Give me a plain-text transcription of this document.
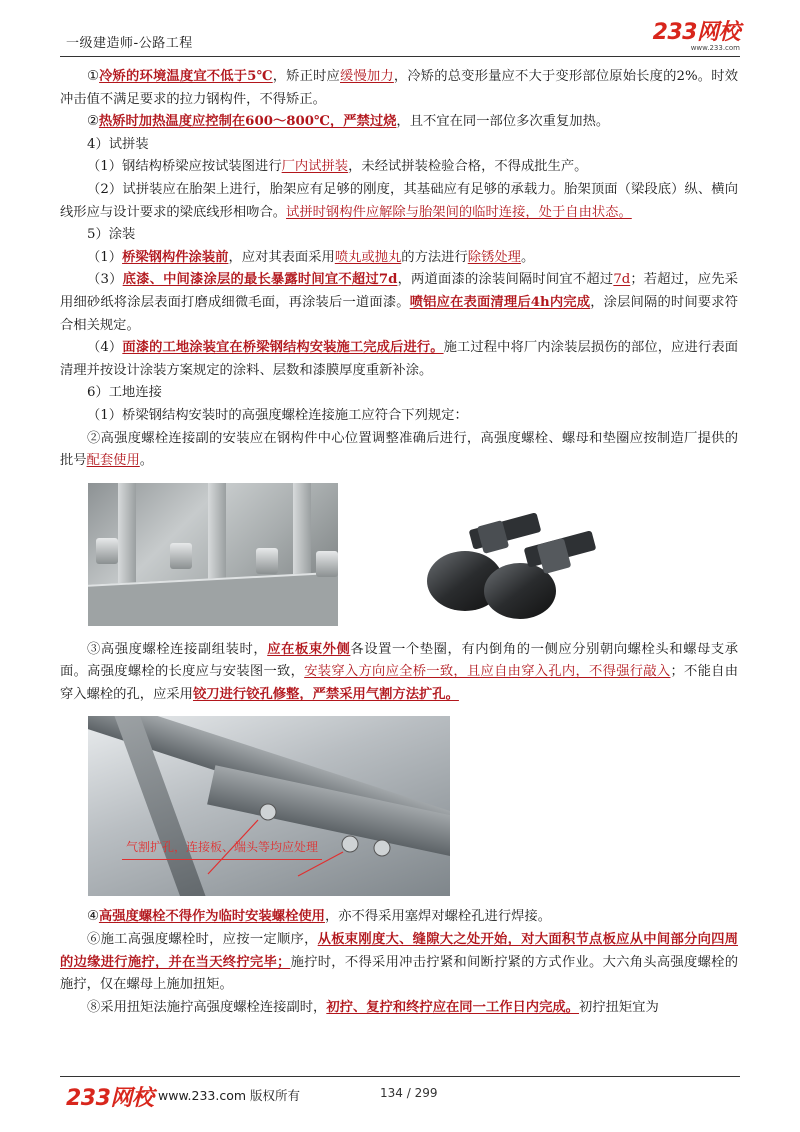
一级建造师-公路工程	233网校
www.233.com

①冷矫的环境温度宜不低于5℃，矫正时应缓慢加力，冷矫的总变形量应不大于变形部位原始长度的2%。时效冲击值不满足要求的拉力钢构件，不得矫正。

②热矫时加热温度应控制在600～800℃，严禁过烧，且不宜在同一部位多次重复加热。

4）试拼装

（1）钢结构桥梁应按试装图进行厂内试拼装，未经试拼装检验合格，不得成批生产。

（2）试拼装应在胎架上进行，胎架应有足够的刚度，其基础应有足够的承载力。胎架顶面（梁段底）纵、横向线形应与设计要求的梁底线形相吻合。试拼时钢构件应解除与胎架间的临时连接，处于自由状态。

5）涂装

（1）桥梁钢构件涂装前，应对其表面采用喷丸或抛丸的方法进行除锈处理。

（3）底漆、中间漆涂层的最长暴露时间宜不超过7d，两道面漆的涂装间隔时间宜不超过7d；若超过，应先采用细砂纸将涂层表面打磨成细微毛面，再涂装后一道面漆。喷铝应在表面清理后4h内完成，涂层间隔的时间要求符合相关规定。

（4）面漆的工地涂装宜在桥梁钢结构安装施工完成后进行。施工过程中将厂内涂装层损伤的部位，应进行表面清理并按设计涂装方案规定的涂料、层数和漆膜厚度重新补涂。

6）工地连接

（1）桥梁钢结构安装时的高强度螺栓连接施工应符合下列规定：

②高强度螺栓连接副的安装应在钢构件中心位置调整准确后进行，高强度螺栓、螺母和垫圈应按制造厂提供的批号配套使用。

③高强度螺栓连接副组装时，应在板束外侧各设置一个垫圈，有内倒角的一侧应分别朝向螺栓头和螺母支承面。高强度螺栓的长度应与安装图一致，安装穿入方向应全桥一致，且应自由穿入孔内，不得强行敲入；不能自由穿入螺栓的孔，应采用铰刀进行铰孔修整，严禁采用气割方法扩孔。

气割扩孔，连接板、端头等均应处理

④高强度螺栓不得作为临时安装螺栓使用，亦不得采用塞焊对螺栓孔进行焊接。

⑥施工高强度螺栓时，应按一定顺序，从板束刚度大、缝隙大之处开始，对大面积节点板应从中间部分向四周的边缘进行施拧，并在当天终拧完毕；施拧时，不得采用冲击拧紧和间断拧紧的方式作业。大六角头高强度螺栓的施拧，仅在螺母上施加扭矩。

⑧采用扭矩法施拧高强度螺栓连接副时，初拧、复拧和终拧应在同一工作日内完成。初拧扭矩宜为

233网校 www.233.com 版权所有	134 / 299
